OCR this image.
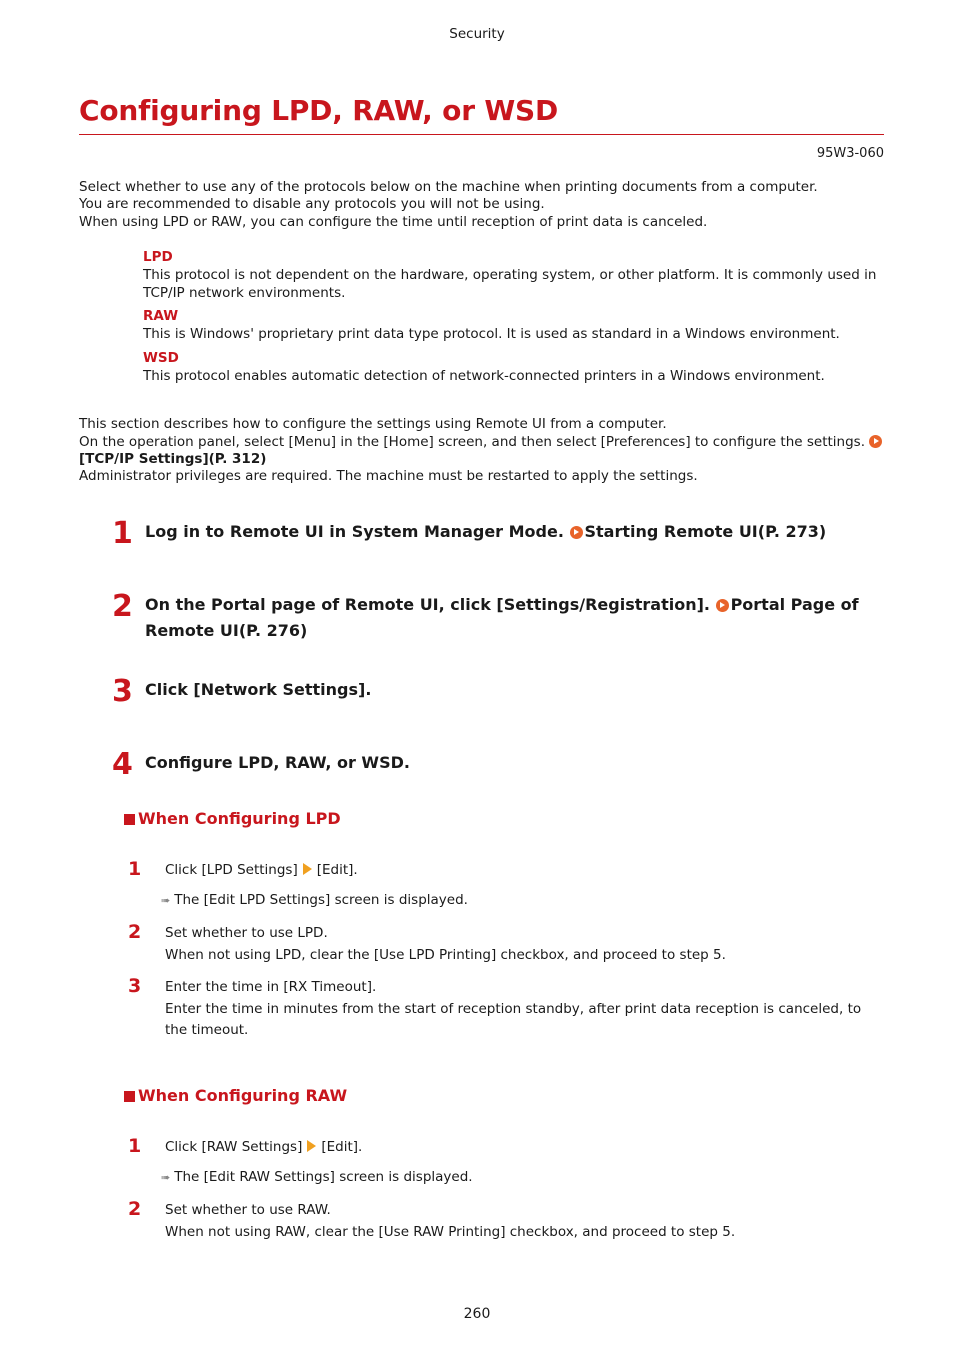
Security
Configuring LPD, RAW, or WSD
95W3-060
Select whether to use any of the protocols below on the machine when printing documents from a computer.
You are recommended to disable any protocols you will not be using.
When using LPD or RAW, you can configure the time until reception of print data is canceled.
LPD
This protocol is not dependent on the hardware, operating system, or other platform. It is commonly used in TCP/IP network environments.
RAW
This is Windows' proprietary print data type protocol. It is used as standard in a Windows environment.
WSD
This protocol enables automatic detection of network-connected printers in a Windows environment.
This section describes how to configure the settings using Remote UI from a computer.
On the operation panel, select [Menu] in the [Home] screen, and then select [Preferences] to configure the settings.
[TCP/IP Settings](P. 312)
Administrator privileges are required. The machine must be restarted to apply the settings.
1 Log in to Remote UI in System Manager Mode. Starting Remote UI(P. 273)
2 On the Portal page of Remote UI, click [Settings/Registration]. Portal Page of Remote UI(P. 276)
3 Click [Network Settings].
4 Configure LPD, RAW, or WSD.
When Configuring LPD
1 Click [LPD Settings] [Edit].
➠ The [Edit LPD Settings] screen is displayed.
2 Set whether to use LPD.
When not using LPD, clear the [Use LPD Printing] checkbox, and proceed to step 5.
3 Enter the time in [RX Timeout].
Enter the time in minutes from the start of reception standby, after print data reception is canceled, to the timeout.
When Configuring RAW
1 Click [RAW Settings] [Edit].
➠ The [Edit RAW Settings] screen is displayed.
2 Set whether to use RAW.
When not using RAW, clear the [Use RAW Printing] checkbox, and proceed to step 5.
260
